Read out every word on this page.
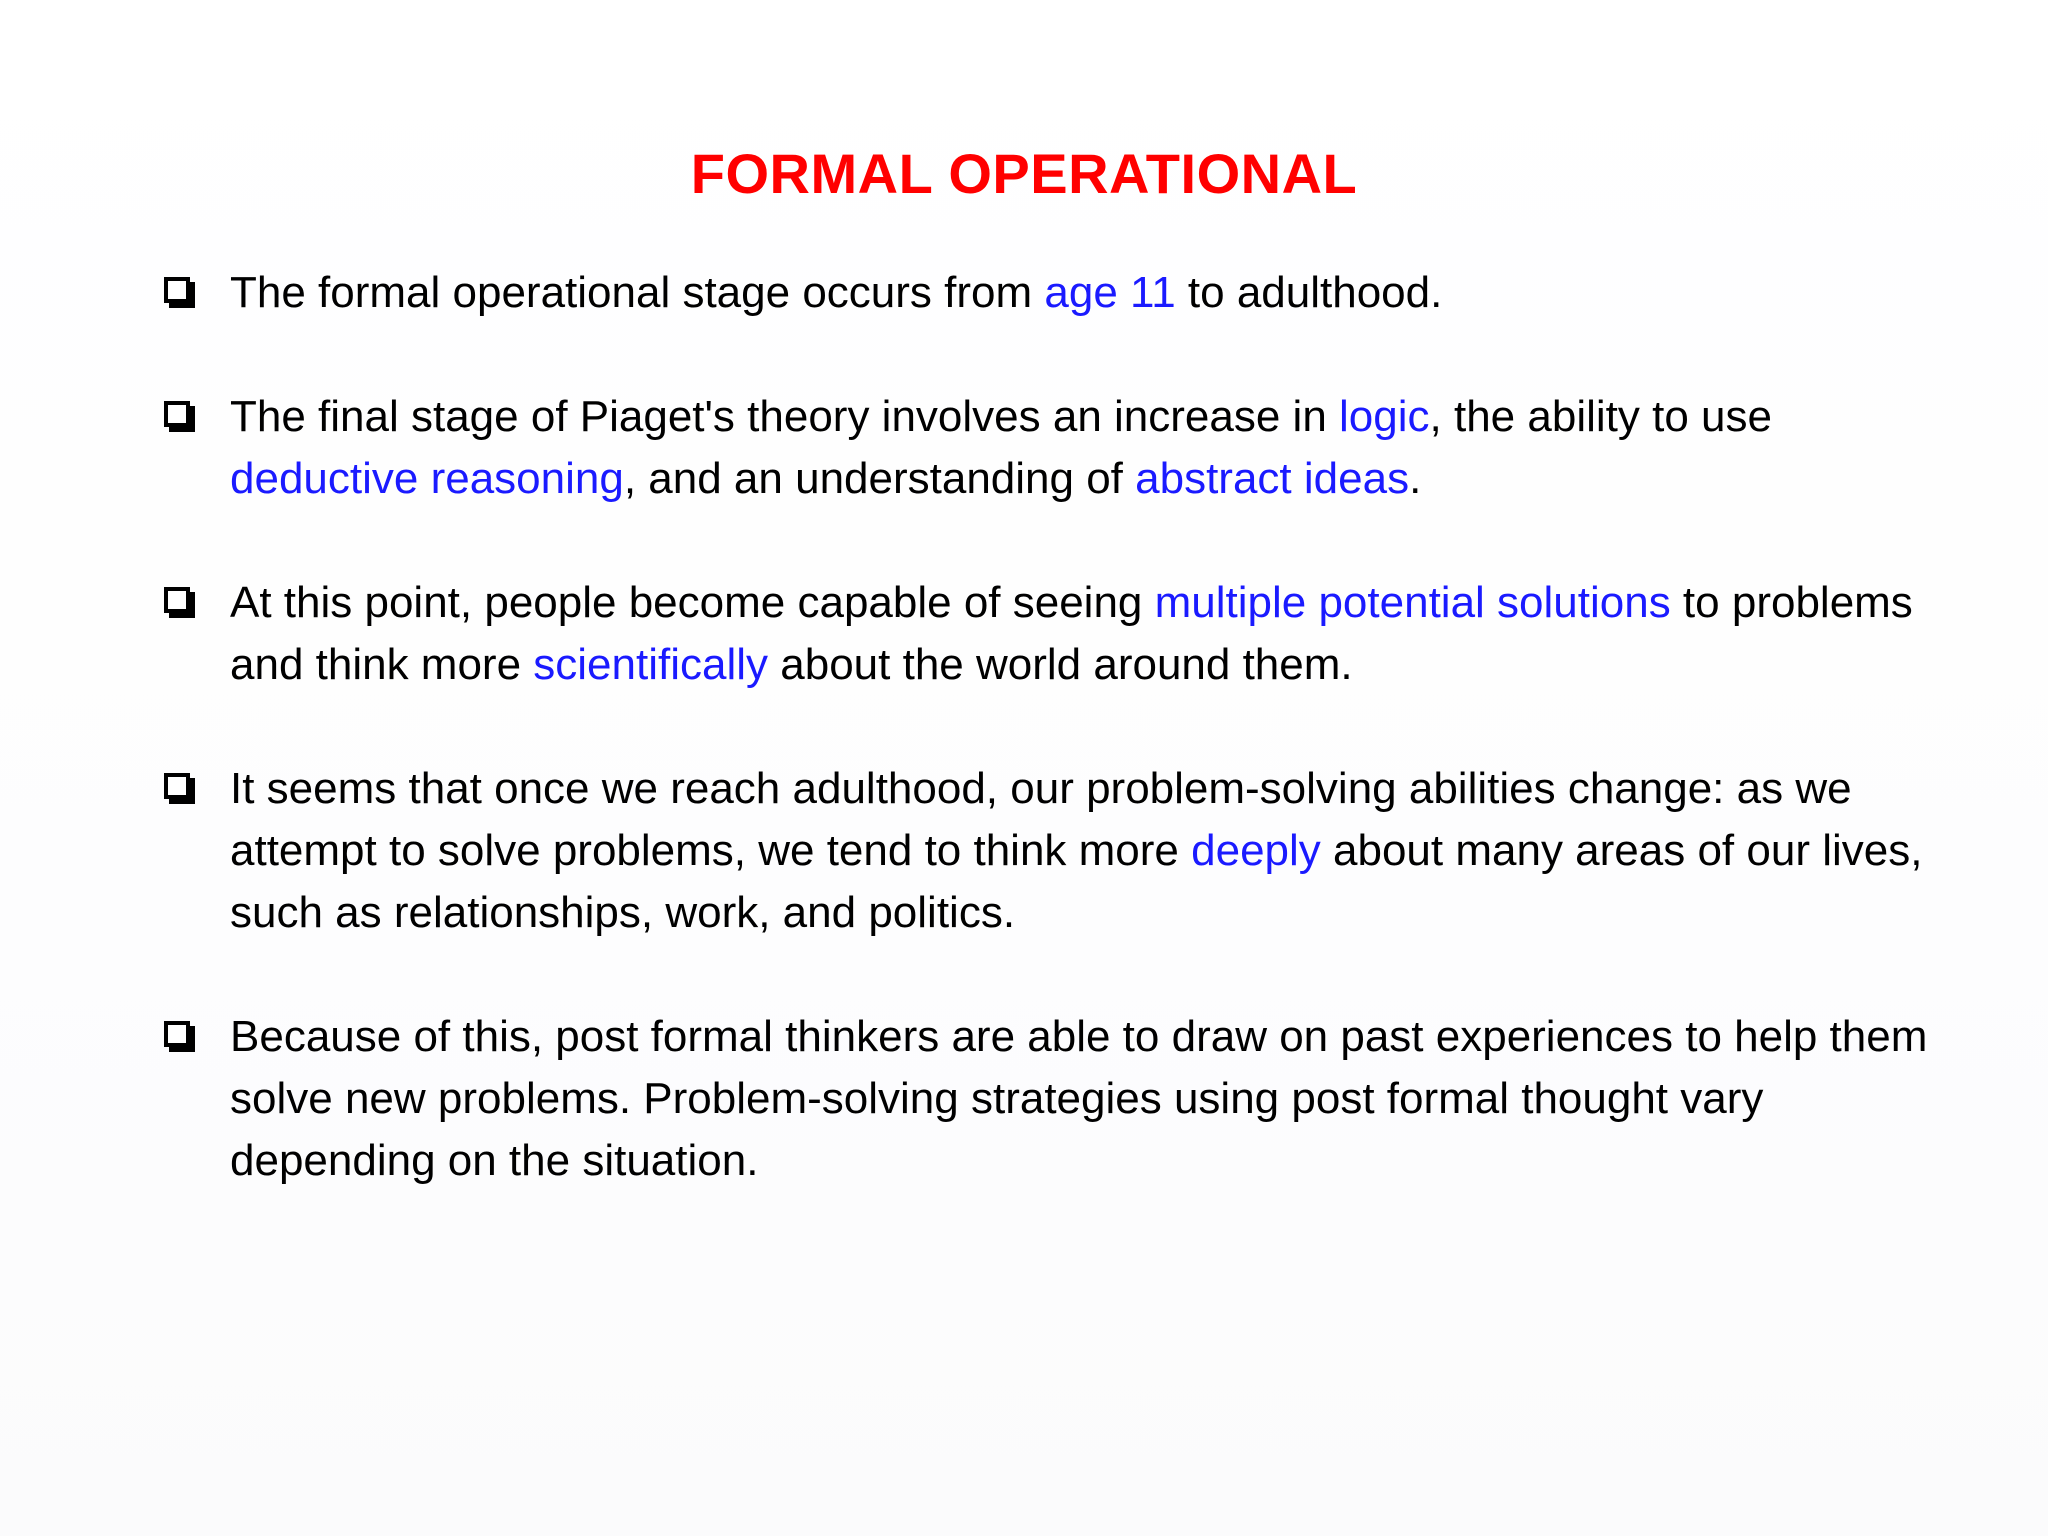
FORMAL OPERATIONAL
The formal operational stage occurs from age 11 to adulthood.
The final stage of Piaget's theory involves an increase in logic, the ability to use deductive reasoning, and an understanding of abstract ideas.
At this point, people become capable of seeing multiple potential solutions to problems and think more scientifically about the world around them.
It seems that once we reach adulthood, our problem-solving abilities change: as we attempt to solve problems, we tend to think more deeply about many areas of our lives, such as relationships, work, and politics.
Because of this, post formal thinkers are able to draw on past experiences to help them solve new problems. Problem-solving strategies using post formal thought vary depending on the situation.
